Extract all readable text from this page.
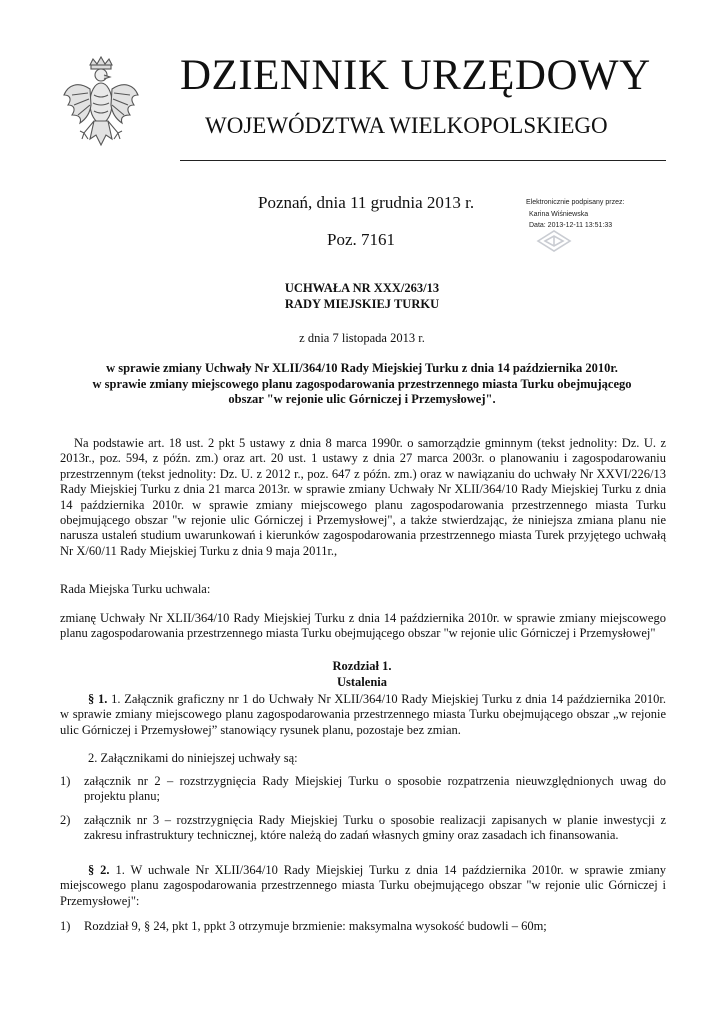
DZIENNIK URZĘDOWY
WOJEWÓDZTWA WIELKOPOLSKIEGO
Poznań, dnia 11 grudnia 2013 r.
Poz. 7161
Elektronicznie podpisany przez:
Karina Wiśniewska
Data: 2013-12-11 13:51:33
UCHWAŁA NR XXX/263/13
RADY MIEJSKIEJ TURKU
z dnia 7 listopada 2013 r.
w sprawie zmiany Uchwały Nr XLII/364/10 Rady Miejskiej Turku z dnia 14 października 2010r.
w sprawie zmiany miejscowego planu zagospodarowania przestrzennego miasta Turku obejmującego
obszar "w rejonie ulic Górniczej i Przemysłowej".
Na podstawie art. 18 ust. 2 pkt 5 ustawy z dnia 8 marca 1990r. o samorządzie gminnym (tekst jednolity: Dz. U. z 2013r., poz. 594, z późn. zm.) oraz art. 20 ust. 1 ustawy z dnia 27 marca 2003r. o planowaniu i zagospodarowaniu przestrzennym (tekst jednolity: Dz. U. z 2012 r., poz. 647 z późn. zm.) oraz w nawiązaniu do uchwały Nr XXVI/226/13 Rady Miejskiej Turku z dnia 21 marca 2013r. w sprawie zmiany Uchwały Nr XLII/364/10 Rady Miejskiej Turku z dnia 14 października 2010r. w sprawie zmiany miejscowego planu zagospodarowania przestrzennego miasta Turku obejmującego obszar "w rejonie ulic Górniczej i Przemysłowej", a także stwierdzając, że niniejsza zmiana planu nie narusza ustaleń studium uwarunkowań i kierunków zagospodarowania przestrzennego miasta Turek przyjętego uchwałą Nr X/60/11 Rady Miejskiej Turku z dnia 9 maja 2011r.,
Rada Miejska Turku uchwala:
zmianę Uchwały Nr XLII/364/10 Rady Miejskiej Turku z dnia 14 października 2010r. w sprawie zmiany miejscowego planu zagospodarowania przestrzennego miasta Turku obejmującego obszar "w rejonie ulic Górniczej i Przemysłowej"
Rozdział 1.
Ustalenia
§ 1. 1. Załącznik graficzny nr 1 do Uchwały Nr XLII/364/10 Rady Miejskiej Turku z dnia 14 października 2010r. w sprawie zmiany miejscowego planu zagospodarowania przestrzennego miasta Turku obejmującego obszar „w rejonie ulic Górniczej i Przemysłowej” stanowiący rysunek planu, pozostaje bez zmian.
2. Załącznikami do niniejszej uchwały są:
1)	załącznik nr 2 – rozstrzygnięcia Rady Miejskiej Turku o sposobie rozpatrzenia nieuwzględnionych uwag do projektu planu;
2)	załącznik nr 3 – rozstrzygnięcia Rady Miejskiej Turku o sposobie realizacji zapisanych w planie inwestycji z zakresu infrastruktury technicznej, które należą do zadań własnych gminy oraz zasadach ich finansowania.
§ 2. 1. W uchwale Nr XLII/364/10 Rady Miejskiej Turku z dnia 14 października 2010r. w sprawie zmiany miejscowego planu zagospodarowania przestrzennego miasta Turku obejmującego obszar "w rejonie ulic Górniczej i Przemysłowej":
1)	Rozdział 9, § 24, pkt 1, ppkt 3 otrzymuje brzmienie: maksymalna wysokość budowli – 60m;
